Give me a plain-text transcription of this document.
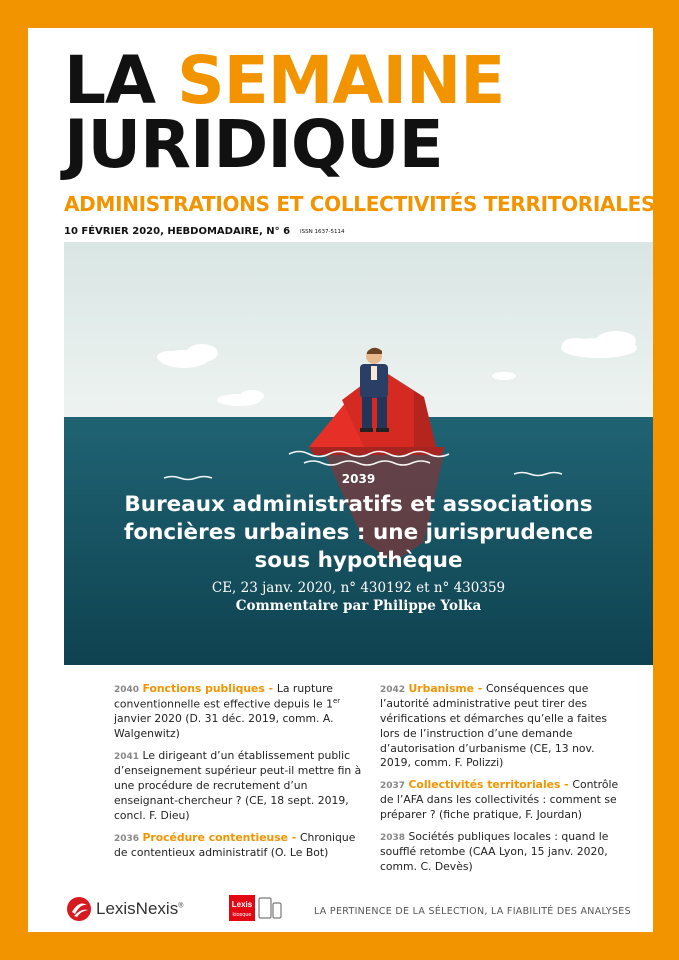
LA SEMAINE
JURIDIQUE
ADMINISTRATIONS ET COLLECTIVITÉS TERRITORIALES
10 FÉVRIER 2020, HEBDOMADAIRE, N° 6 ISSN 1637-5114
2039
Bureaux administratifs et associations
foncières urbaines : une jurisprudence
sous hypothèque
CE, 23 janv. 2020, n° 430192 et n° 430359
Commentaire par Philippe Yolka
2040 Fonctions publiques - La rupture conventionnelle est effective depuis le 1er janvier 2020 (D. 31 déc. 2019, comm. A. Walgenwitz)
2041 Le dirigeant d’un établissement public d’enseignement supérieur peut-il mettre fin à une procédure de recrutement d’un enseignant-chercheur ? (CE, 18 sept. 2019, concl. F. Dieu)
2036 Procédure contentieuse - Chronique de contentieux administratif (O. Le Bot)
2042 Urbanisme - Conséquences que l’autorité administrative peut tirer des vérifications et démarches qu’elle a faites lors de l’instruction d’une demande d’autorisation d’urbanisme (CE, 13 nov. 2019, comm. F. Polizzi)
2037 Collectivités territoriales - Contrôle de l’AFA dans les collectivités : comment se préparer ? (fiche pratique, F. Jourdan)
2038 Sociétés publiques locales : quand le soufflé retombe (CAA Lyon, 15 janv. 2020, comm. C. Devès)
LexisNexis®	Lexis
kiosque	LA PERTINENCE DE LA SÉLECTION, LA FIABILITÉ DES ANALYSES
